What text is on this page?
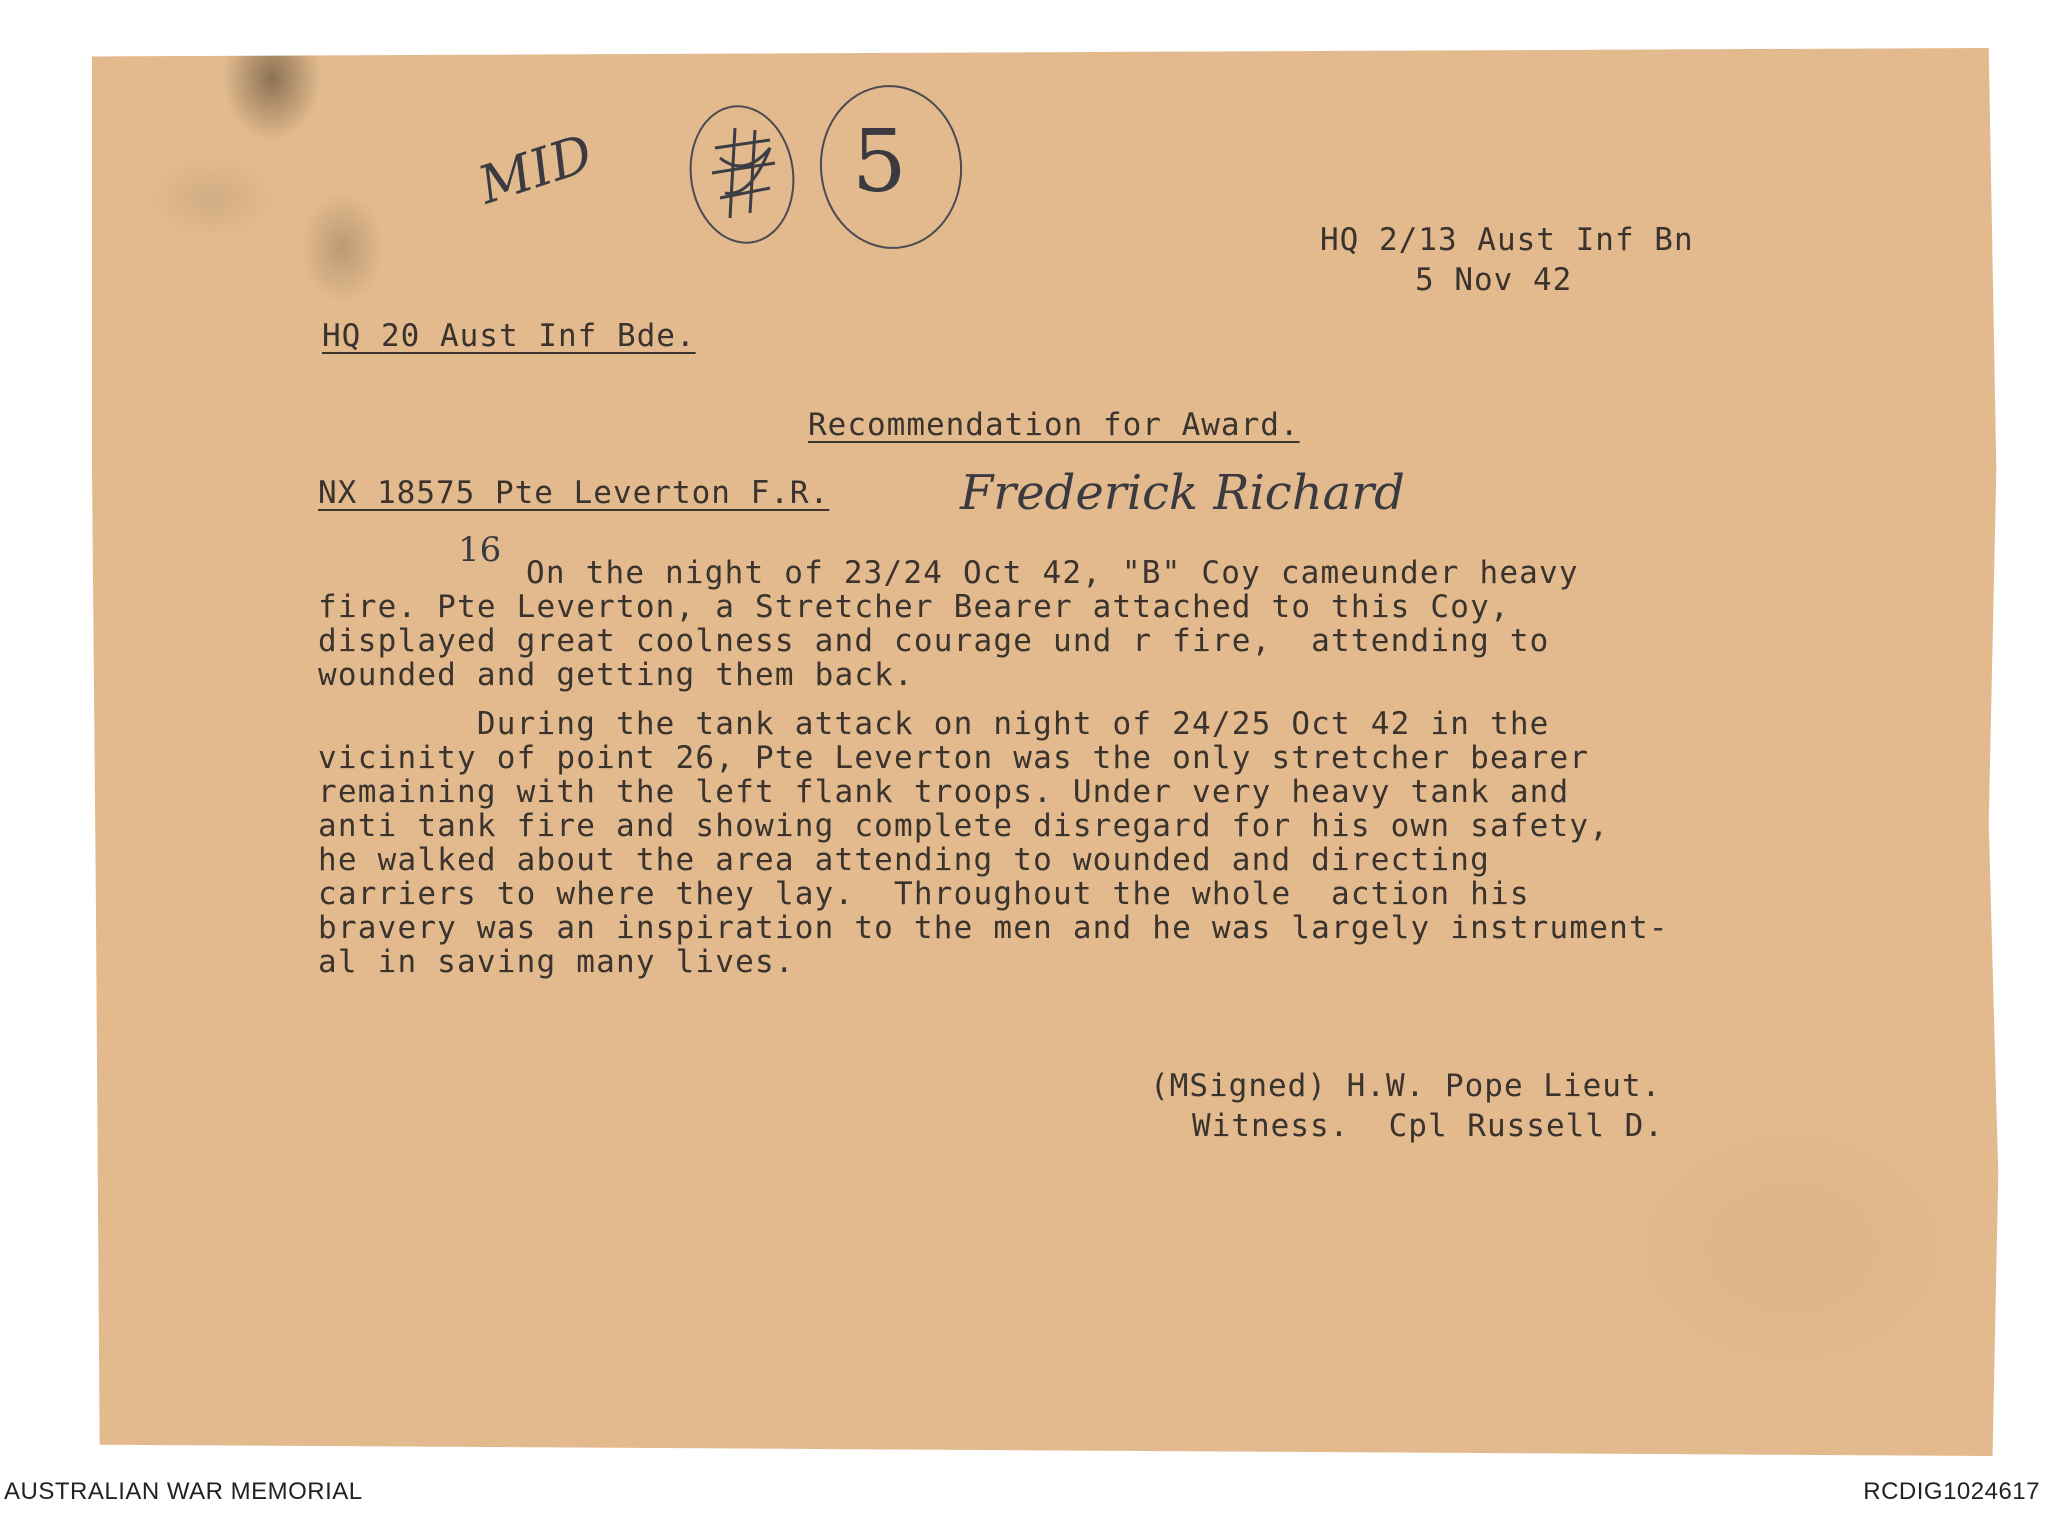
MID	5
HQ 2/13 Aust Inf Bn
5 Nov 42
HQ 20 Aust Inf Bde.
Recommendation for Award.
NX 18575 Pte Leverton F.R.	Frederick Richard
16
On the night of 23/24 Oct 42, "B" Coy cameunder heavy
fire. Pte Leverton, a Stretcher Bearer attached to this Coy,
displayed great coolness and courage und r fire,  attending to
wounded and getting them back.
During the tank attack on night of 24/25 Oct 42 in the
vicinity of point 26, Pte Leverton was the only stretcher bearer
remaining with the left flank troops. Under very heavy tank and
anti tank fire and showing complete disregard for his own safety,
he walked about the area attending to wounded and directing
carriers to where they lay.  Throughout the whole  action his
bravery was an inspiration to the men and he was largely instrument-
al in saving many lives.
(MSigned) H.W. Pope Lieut.
Witness.  Cpl Russell D.
AUSTRALIAN WAR MEMORIAL	RCDIG1024617
